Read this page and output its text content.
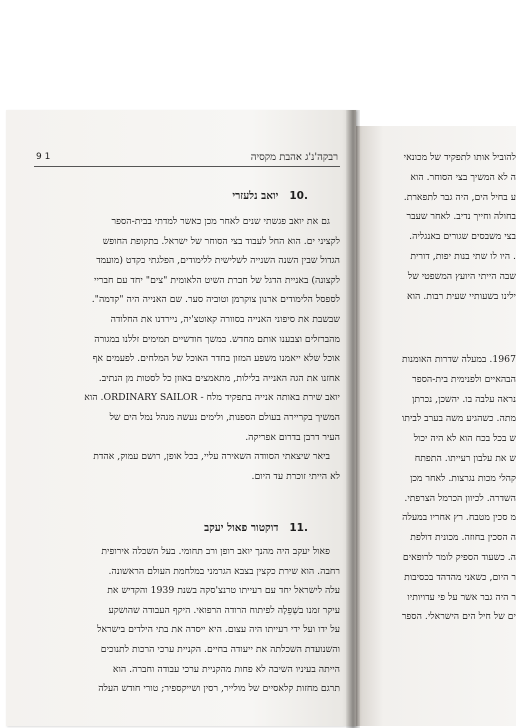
רבקה'נ'ג אהבת מקסיה
1 9
.10   יואב נלעזרי
גם את יואב פגשתי שנים לאחר מכן כאשר למדתי בבית-הספר
לקציני ים. הוא החל לעבוד בצי הסוחר של ישראל. בתקופת החופש
הגדול שבין השנה השנייה לשלישית ללימודים, הפלגתי כקדט (מועמד
לקצונה) באניית הדגל של חברת השיט הלאומית "צים" יחד עם חבריי
לספסל הלימודים ארנון צוקרמן וטוביה סער. שם האנייה היה "קדמה".
שבשבת את סיפוני האנייה בסוורה קאוטצ'יה, ניירדנו את החלודה
מהברזלים וצבענו אותם מחדש. במשך חודשיים תמימים זללנו במגורה
אוכל שלא ייאמנו משפע המזון בחדר האוכל של המלחים. לפעמים אף
אחזנו את הגה האנייה בלילות, מתאמצים באוזן כל לסטות מן הנתיב.
יואב שירת באותה אנייה בתפקיד מלח - ORDINARY SAILOR. הוא
המשיך בקריירה בעולם הספנות, ולימים נעשה מנהל נמל הים של
העיר דרבן בדרום אפריקה.
ביאר שיצאתי הסוודה השאירה עליי, בכל אופן, רושם עמוק, אהדת
לא הייתי זוכרת עד היום.
.11   דוקטור פאול יעקב
פאול יעקב היה מהנך יואב רופן ורב תחומי. בעל השכלה אירופית
רחבה. הוא שירת כקצין בצבא הגרמני במלחמת העולם הראשונה.
עלה לישראל יחד עם רעייתו טרנצ'סקה בשנת 1939 והקדיש את
עיקר זמנו בשְׁפֵלָה לפיתוח הרודה הרפואי. היקף העבודה שהושקע
על ידו ועל ידי רעייתו היה עצום. היא ייסדה את בתי הילדים בישראל
והשנועדת השכלתה את ייעודה בחיים. הקניית ערכי הרכות לתנוכים
הייתה בעיניו השיבה לא פחות מהקניית ערכי עבודה וחברה. הוא
תרגם מחזות קלאסיים של מולייר, רסין ושייקספיר; טורי חודש העלה
להוביל אותו לתפקיד של מכונאי
ה לא המשיך בצי הסוחר. הוא
ע בחיל הים, היה גבר לתפארת.
בחולה וחייך נדיב. לאחר שעבר
בצי משבסים שגורים באנגליה.
. היו לו שתי בנות יפות, דורית
שבה הייתי היועץ המשפטי של
ילינו בשעותיי שעית רבות. הוא
1967. במעלה שדרות האומנות
הבהאיים ולפנימית בית-הספר
נראה עלבה בו. יהשכן, נכרתן
מתה. כשהגיע משה בערב לביתו
ש בכל בכח הוא לא היה יכול
ש את עלבון רעייתו. התפתח
קהלי מכות נגרצות. לאחר מכן
השדרה. לכיוון הכרמל הצרפתי.
מ סכין מטבח. רץ אחריו במעלה
ה הסכין בחוזה. מכונית דולפת
ה. כשעוד הספיק לומר לרופאים
ר היום, כשאני מהדהד בכסיבות
ר היה גבר אשר על פי עדויותיו
ים של חיל הים הישראלי. הספר
